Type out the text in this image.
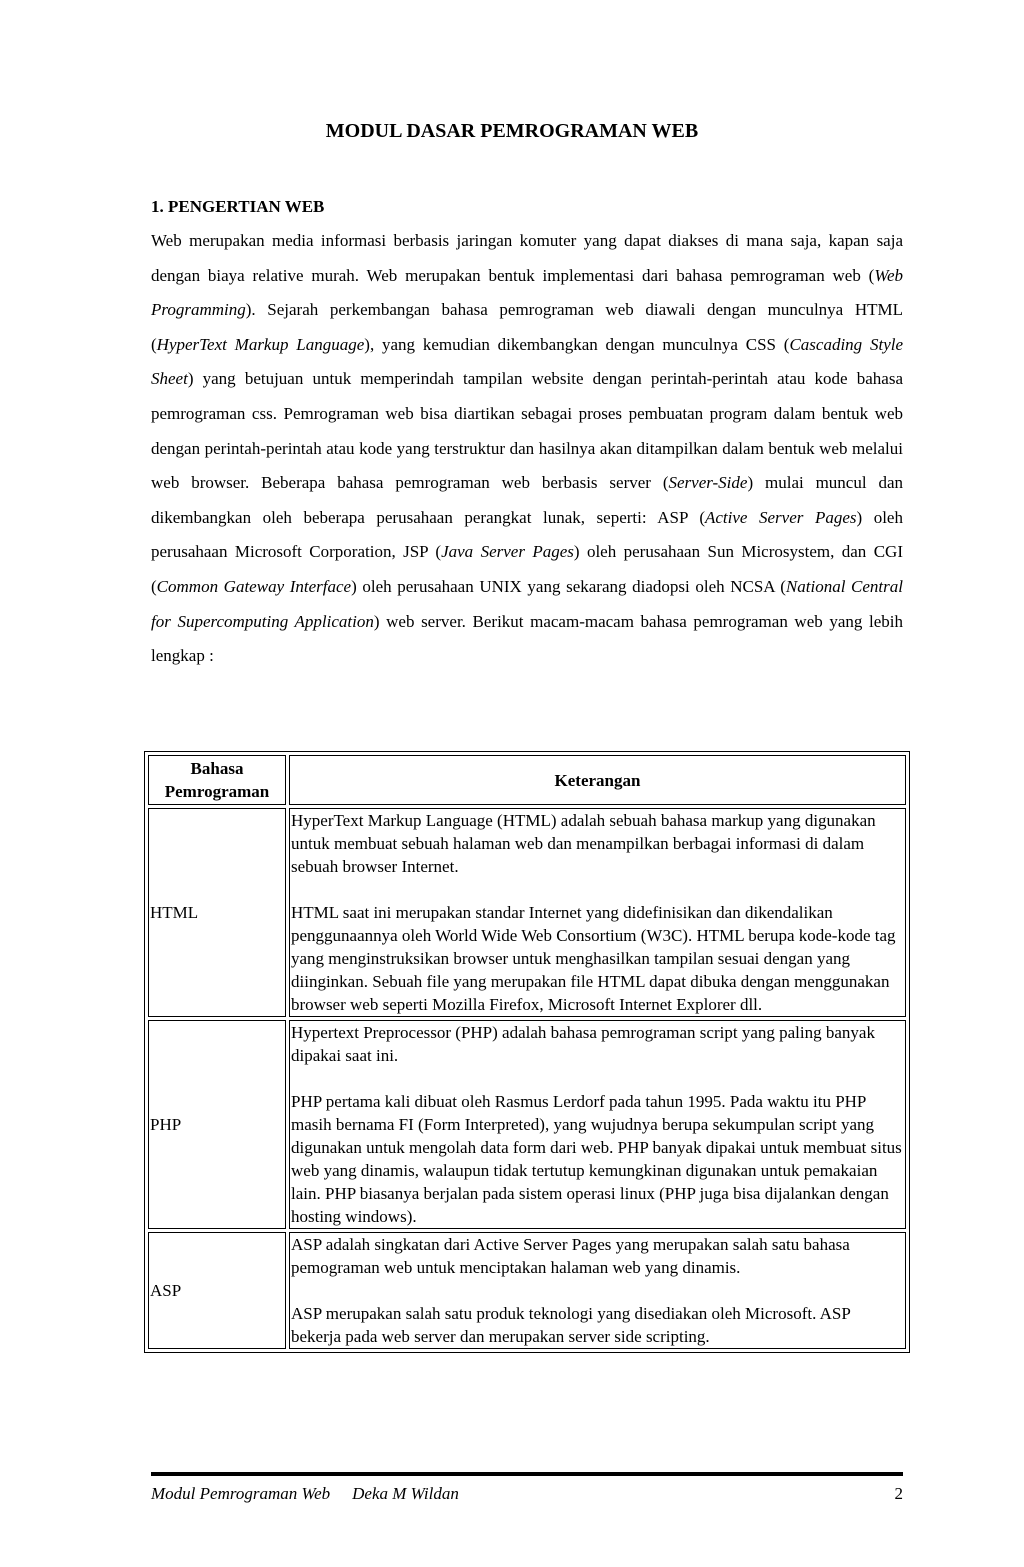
MODUL DASAR PEMROGRAMAN WEB
1. PENGERTIAN WEB

Web merupakan media informasi berbasis jaringan komuter yang dapat diakses di mana saja, kapan saja dengan biaya relative murah. Web merupakan bentuk implementasi dari bahasa pemrograman web (Web Programming). Sejarah perkembangan bahasa pemrograman web diawali dengan munculnya HTML (HyperText Markup Language), yang kemudian dikembangkan dengan munculnya CSS (Cascading Style Sheet) yang betujuan untuk memperindah tampilan website dengan perintah-perintah atau kode bahasa pemrograman css. Pemrograman web bisa diartikan sebagai proses pembuatan program dalam bentuk web dengan perintah-perintah atau kode yang terstruktur dan hasilnya akan ditampilkan dalam bentuk web melalui web browser. Beberapa bahasa pemrograman web berbasis server (Server-Side) mulai muncul dan dikembangkan oleh beberapa perusahaan perangkat lunak, seperti: ASP (Active Server Pages) oleh perusahaan Microsoft Corporation, JSP (Java Server Pages) oleh perusahaan Sun Microsystem, dan CGI (Common Gateway Interface) oleh perusahaan UNIX yang sekarang diadopsi oleh NCSA (National Central for Supercomputing Application) web server. Berikut macam-macam bahasa pemrograman web yang lebih lengkap :

Bahasa Pemrograman	Keterangan
HTML	HyperText Markup Language (HTML) adalah sebuah bahasa markup yang digunakan untuk membuat sebuah halaman web dan menampilkan berbagai informasi di dalam sebuah browser Internet.

HTML saat ini merupakan standar Internet yang didefinisikan dan dikendalikan penggunaannya oleh World Wide Web Consortium (W3C). HTML berupa kode-kode tag yang menginstruksikan browser untuk menghasilkan tampilan sesuai dengan yang diinginkan. Sebuah file yang merupakan file HTML dapat dibuka dengan menggunakan browser web seperti Mozilla Firefox, Microsoft Internet Explorer dll.

PHP	Hypertext Preprocessor (PHP) adalah bahasa pemrograman script yang paling banyak dipakai saat ini.

PHP pertama kali dibuat oleh Rasmus Lerdorf pada tahun 1995. Pada waktu itu PHP masih bernama FI (Form Interpreted), yang wujudnya berupa sekumpulan script yang digunakan untuk mengolah data form dari web. PHP banyak dipakai untuk membuat situs web yang dinamis, walaupun tidak tertutup kemungkinan digunakan untuk pemakaian lain. PHP biasanya berjalan pada sistem operasi linux (PHP juga bisa dijalankan dengan hosting windows).

ASP	ASP adalah singkatan dari Active Server Pages yang merupakan salah satu bahasa pemograman web untuk menciptakan halaman web yang dinamis.

ASP merupakan salah satu produk teknologi yang disediakan oleh Microsoft. ASP bekerja pada web server dan merupakan server side scripting.

Modul Pemrograman Web Deka M Wildan	2
